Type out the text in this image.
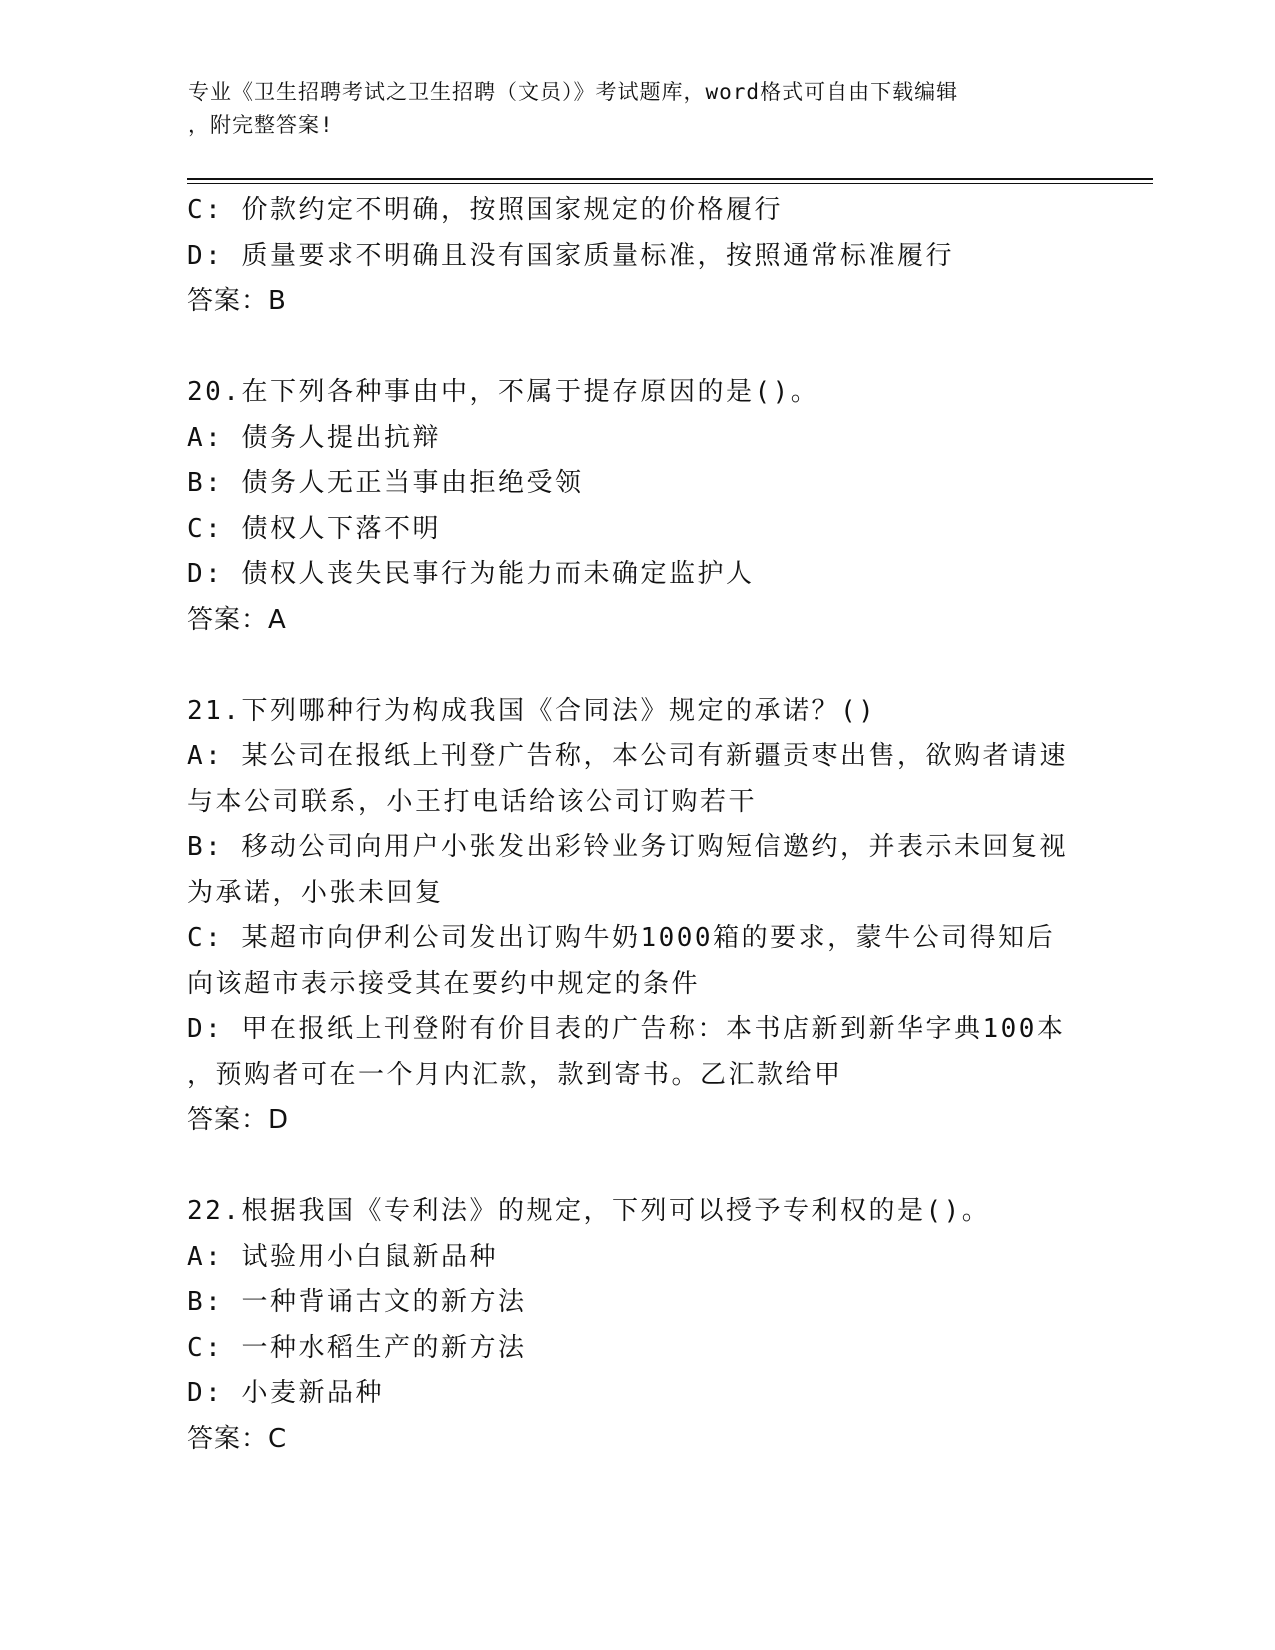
专业《卫生招聘考试之卫生招聘（文员）》考试题库，word格式可自由下载编辑
，附完整答案!
C: 价款约定不明确，按照国家规定的价格履行
D: 质量要求不明确且没有国家质量标准，按照通常标准履行
答案：B
20.在下列各种事由中，不属于提存原因的是()。
A: 债务人提出抗辩
B: 债务人无正当事由拒绝受领
C: 债权人下落不明
D: 债权人丧失民事行为能力而未确定监护人
答案：A
21.下列哪种行为构成我国《合同法》规定的承诺？()
A: 某公司在报纸上刊登广告称，本公司有新疆贡枣出售，欲购者请速
与本公司联系，小王打电话给该公司订购若干
B: 移动公司向用户小张发出彩铃业务订购短信邀约，并表示未回复视
为承诺，小张未回复
C: 某超市向伊利公司发出订购牛奶1000箱的要求，蒙牛公司得知后
向该超市表示接受其在要约中规定的条件
D: 甲在报纸上刊登附有价目表的广告称：本书店新到新华字典100本
，预购者可在一个月内汇款，款到寄书。乙汇款给甲
答案：D
22.根据我国《专利法》的规定，下列可以授予专利权的是()。
A: 试验用小白鼠新品种
B: 一种背诵古文的新方法
C: 一种水稻生产的新方法
D: 小麦新品种
答案：C
